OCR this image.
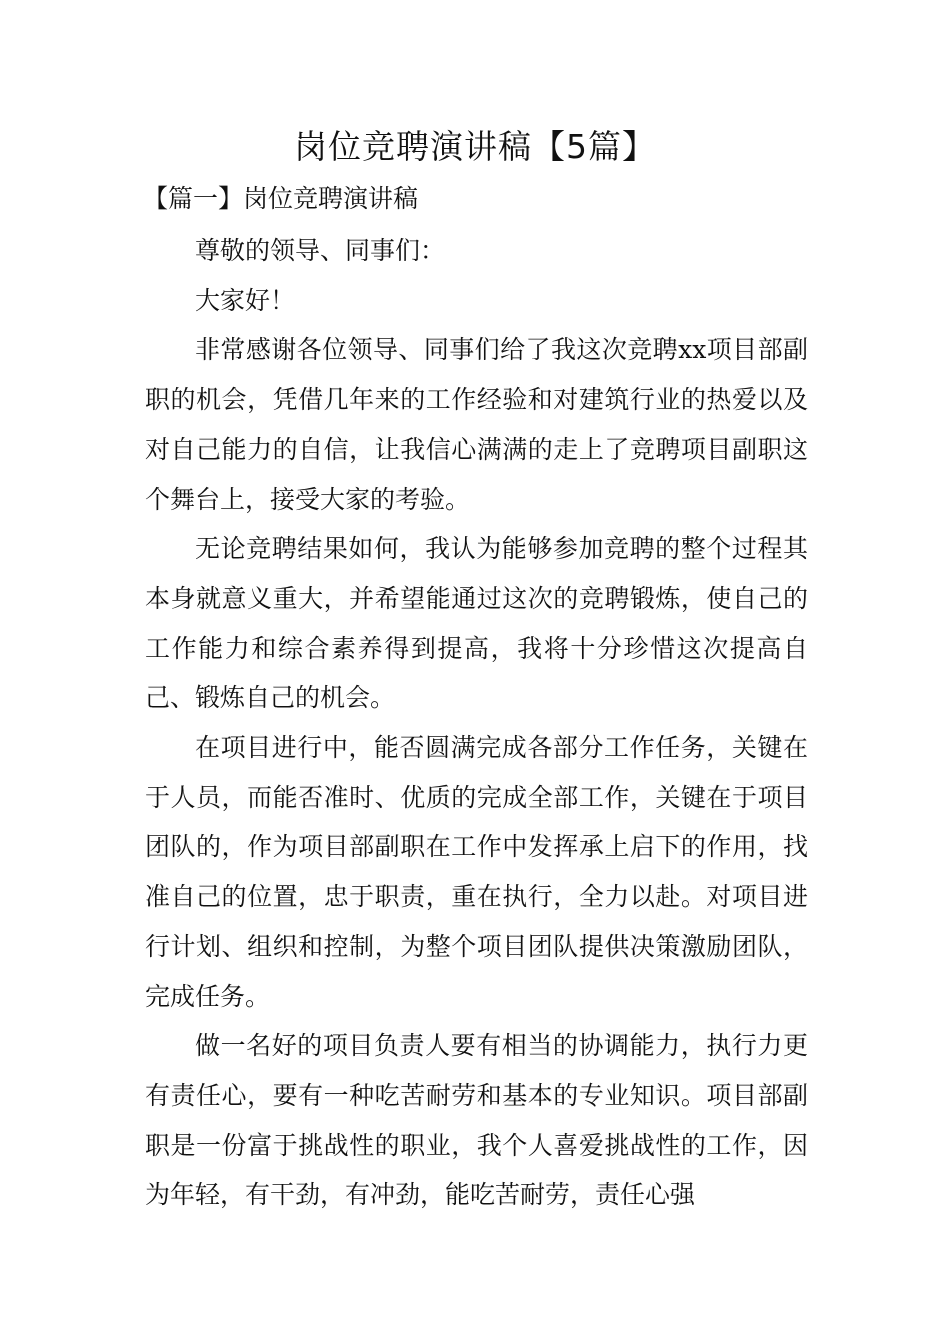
岗位竞聘演讲稿【5篇】
【篇一】岗位竞聘演讲稿

尊敬的领导、同事们：

大家好！

非常感谢各位领导、同事们给了我这次竞聘xx项目部副职的机会，凭借几年来的工作经验和对建筑行业的热爱以及对自己能力的自信，让我信心满满的走上了竞聘项目副职这个舞台上，接受大家的考验。

无论竞聘结果如何，我认为能够参加竞聘的整个过程其本身就意义重大，并希望能通过这次的竞聘锻炼，使自己的工作能力和综合素养得到提高，我将十分珍惜这次提高自己、锻炼自己的机会。

在项目进行中，能否圆满完成各部分工作任务，关键在于人员，而能否准时、优质的完成全部工作，关键在于项目团队的，作为项目部副职在工作中发挥承上启下的作用，找准自己的位置，忠于职责，重在执行，全力以赴。对项目进行计划、组织和控制，为整个项目团队提供决策激励团队，完成任务。

做一名好的项目负责人要有相当的协调能力，执行力更有责任心，要有一种吃苦耐劳和基本的专业知识。项目部副职是一份富于挑战性的职业，我个人喜爱挑战性的工作，因为年轻，有干劲，有冲劲，能吃苦耐劳，责任心强
